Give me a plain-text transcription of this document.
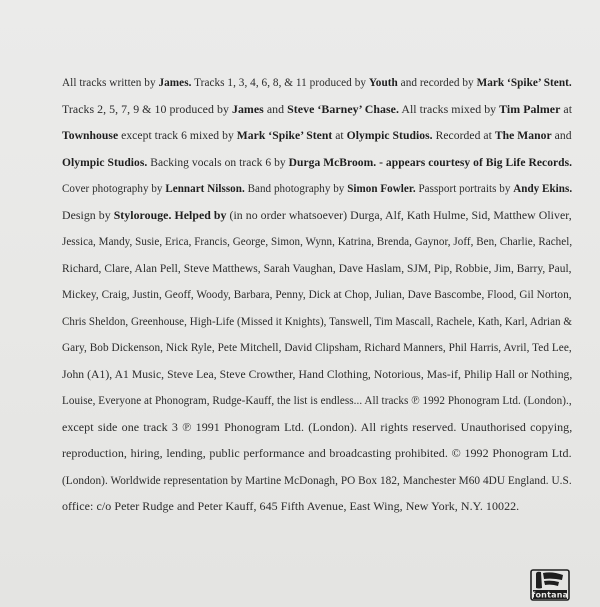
All tracks written by James. Tracks 1, 3, 4, 6, 8, & 11 produced by Youth and recorded by Mark ‘Spike’ Stent.
Tracks 2, 5, 7, 9 & 10 produced by James and Steve ‘Barney’ Chase. All tracks mixed by Tim Palmer at
Townhouse except track 6 mixed by Mark ‘Spike’ Stent at Olympic Studios. Recorded at The Manor and
Olympic Studios. Backing vocals on track 6 by Durga McBroom. - appears courtesy of Big Life Records.
Cover photography by Lennart Nilsson. Band photography by Simon Fowler. Passport portraits by Andy Ekins.
Design by Stylorouge. Helped by (in no order whatsoever) Durga, Alf, Kath Hulme, Sid, Matthew Oliver,
Jessica, Mandy, Susie, Erica, Francis, George, Simon, Wynn, Katrina, Brenda, Gaynor, Joff, Ben, Charlie, Rachel,
Richard, Clare, Alan Pell, Steve Matthews, Sarah Vaughan, Dave Haslam, SJM, Pip, Robbie, Jim, Barry, Paul,
Mickey, Craig, Justin, Geoff, Woody, Barbara, Penny, Dick at Chop, Julian, Dave Bascombe, Flood, Gil Norton,
Chris Sheldon, Greenhouse, High-Life (Missed it Knights), Tanswell, Tim Mascall, Rachele, Kath, Karl, Adrian &
Gary, Bob Dickenson, Nick Ryle, Pete Mitchell, David Clipsham, Richard Manners, Phil Harris, Avril, Ted Lee,
John (A1), A1 Music, Steve Lea, Steve Crowther, Hand Clothing, Notorious, Mas-if, Philip Hall or Nothing,
Louise, Everyone at Phonogram, Rudge-Kauff, the list is endless... All tracks ℗ 1992 Phonogram Ltd. (London).,
except side one track 3 ℗ 1991 Phonogram Ltd. (London). All rights reserved. Unauthorised copying,
reproduction, hiring, lending, public performance and broadcasting prohibited. © 1992 Phonogram Ltd.
(London). Worldwide representation by Martine McDonagh, PO Box 182, Manchester M60 4DU England. U.S.
office: c/o Peter Rudge and Peter Kauff, 645 Fifth Avenue, East Wing, New York, N.Y. 10022.
fontana
